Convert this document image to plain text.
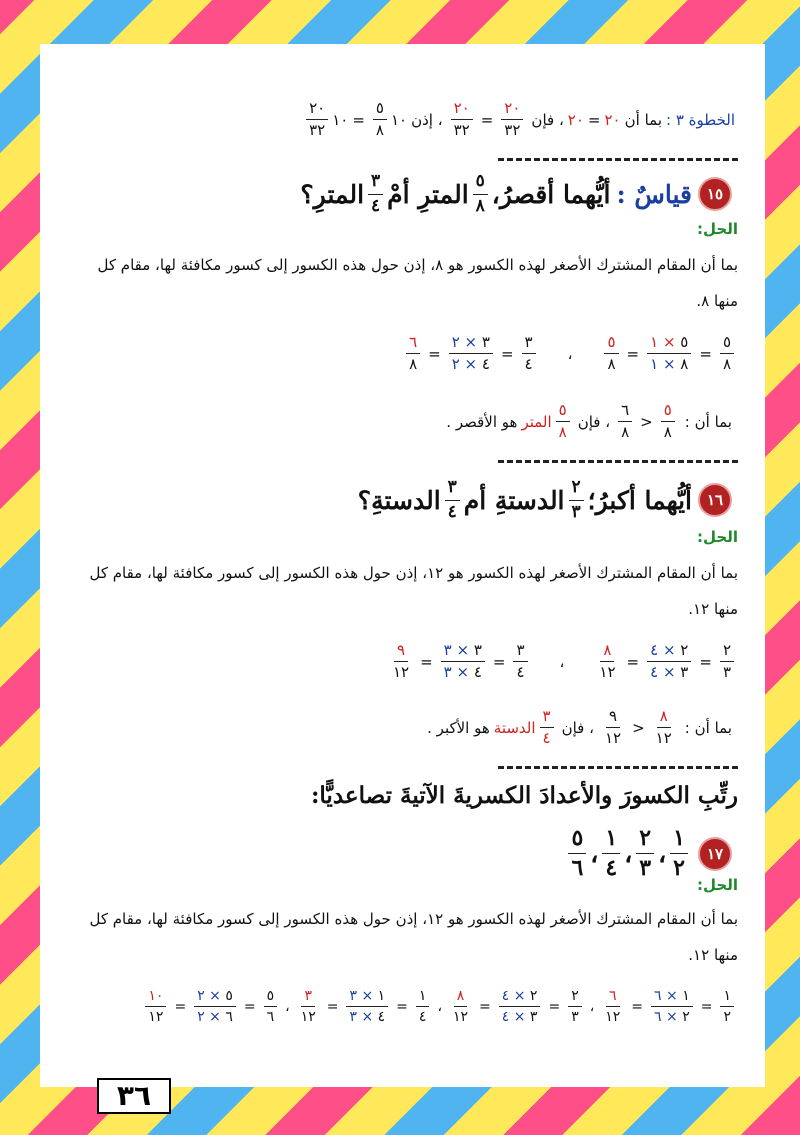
الخطوة ٣ :
بما أن
٢٠
=
٢٠
، فإن
$\frac{٢٠}{٣٢}$
=
$\frac{٢٠}{٣٢}$
، إذن
١٠
$\frac{٥}{٨}$
=
١٠
$\frac{٢٠}{٣٢}$
١٥
قياسٌ :
أيُّهما أقصرُ،
$\frac{٥}{٨}$
المترِ أمْ
$\frac{٣}{٤}$
المترِ؟
الحل:
بما أن المقام المشترك الأصغر لهذه الكسور هو ٨، إذن حول هذه الكسور إلى كسور مكافئة لها، مقام كل
منها ٨.
$\frac{٥}{٨}$
=
$\frac{٥ \times ١}{٨ \times ١}$
=
$\frac{٥}{٨}$
،
$\frac{٣}{٤}$
=
$\frac{٣ \times ٢}{٤ \times ٢}$
=
$\frac{٦}{٨}$
بما أن :
$\frac{٥}{٨}$
<
$\frac{٦}{٨}$
، فإن
$\frac{٥}{٨}$
المتر
هو الأقصر .
١٦
أيُّهما أكبرُ؛
$\frac{٢}{٣}$
الدستةِ أم
$\frac{٣}{٤}$
الدستةِ؟
الحل:
بما أن المقام المشترك الأصغر لهذه الكسور هو ١٢، إذن حول هذه الكسور إلى كسور مكافئة لها، مقام كل
منها ١٢.
$\frac{٢}{٣}$
=
$\frac{٢ \times ٤}{٣ \times ٤}$
=
$\frac{٨}{١٢}$
،
$\frac{٣}{٤}$
=
$\frac{٣ \times ٣}{٤ \times ٣}$
=
$\frac{٩}{١٢}$
بما أن :
$\frac{٨}{١٢}$
<
$\frac{٩}{١٢}$
، فإن
$\frac{٣}{٤}$
الدستة
هو الأكبر .
رتِّبِ الكسورَ والأعدادَ الكسريةَ الآتيةَ تصاعديًّا:
١٧
$\frac{١}{٢}$
،
$\frac{٢}{٣}$
،
$\frac{١}{٤}$
،
$\frac{٥}{٦}$
الحل:
بما أن المقام المشترك الأصغر لهذه الكسور هو ١٢، إذن حول هذه الكسور إلى كسور مكافئة لها، مقام كل
منها ١٢.
$\frac{١}{٢}$
=
$\frac{١ \times ٦}{٢ \times ٦}$
=
$\frac{٦}{١٢}$
،
$\frac{٢}{٣}$
=
$\frac{٢ \times ٤}{٣ \times ٤}$
=
$\frac{٨}{١٢}$
،
$\frac{١}{٤}$
=
$\frac{١ \times ٣}{٤ \times ٣}$
=
$\frac{٣}{١٢}$
،
$\frac{٥}{٦}$
=
$\frac{٥ \times ٢}{٦ \times ٢}$
=
$\frac{١٠}{١٢}$
٣٦
